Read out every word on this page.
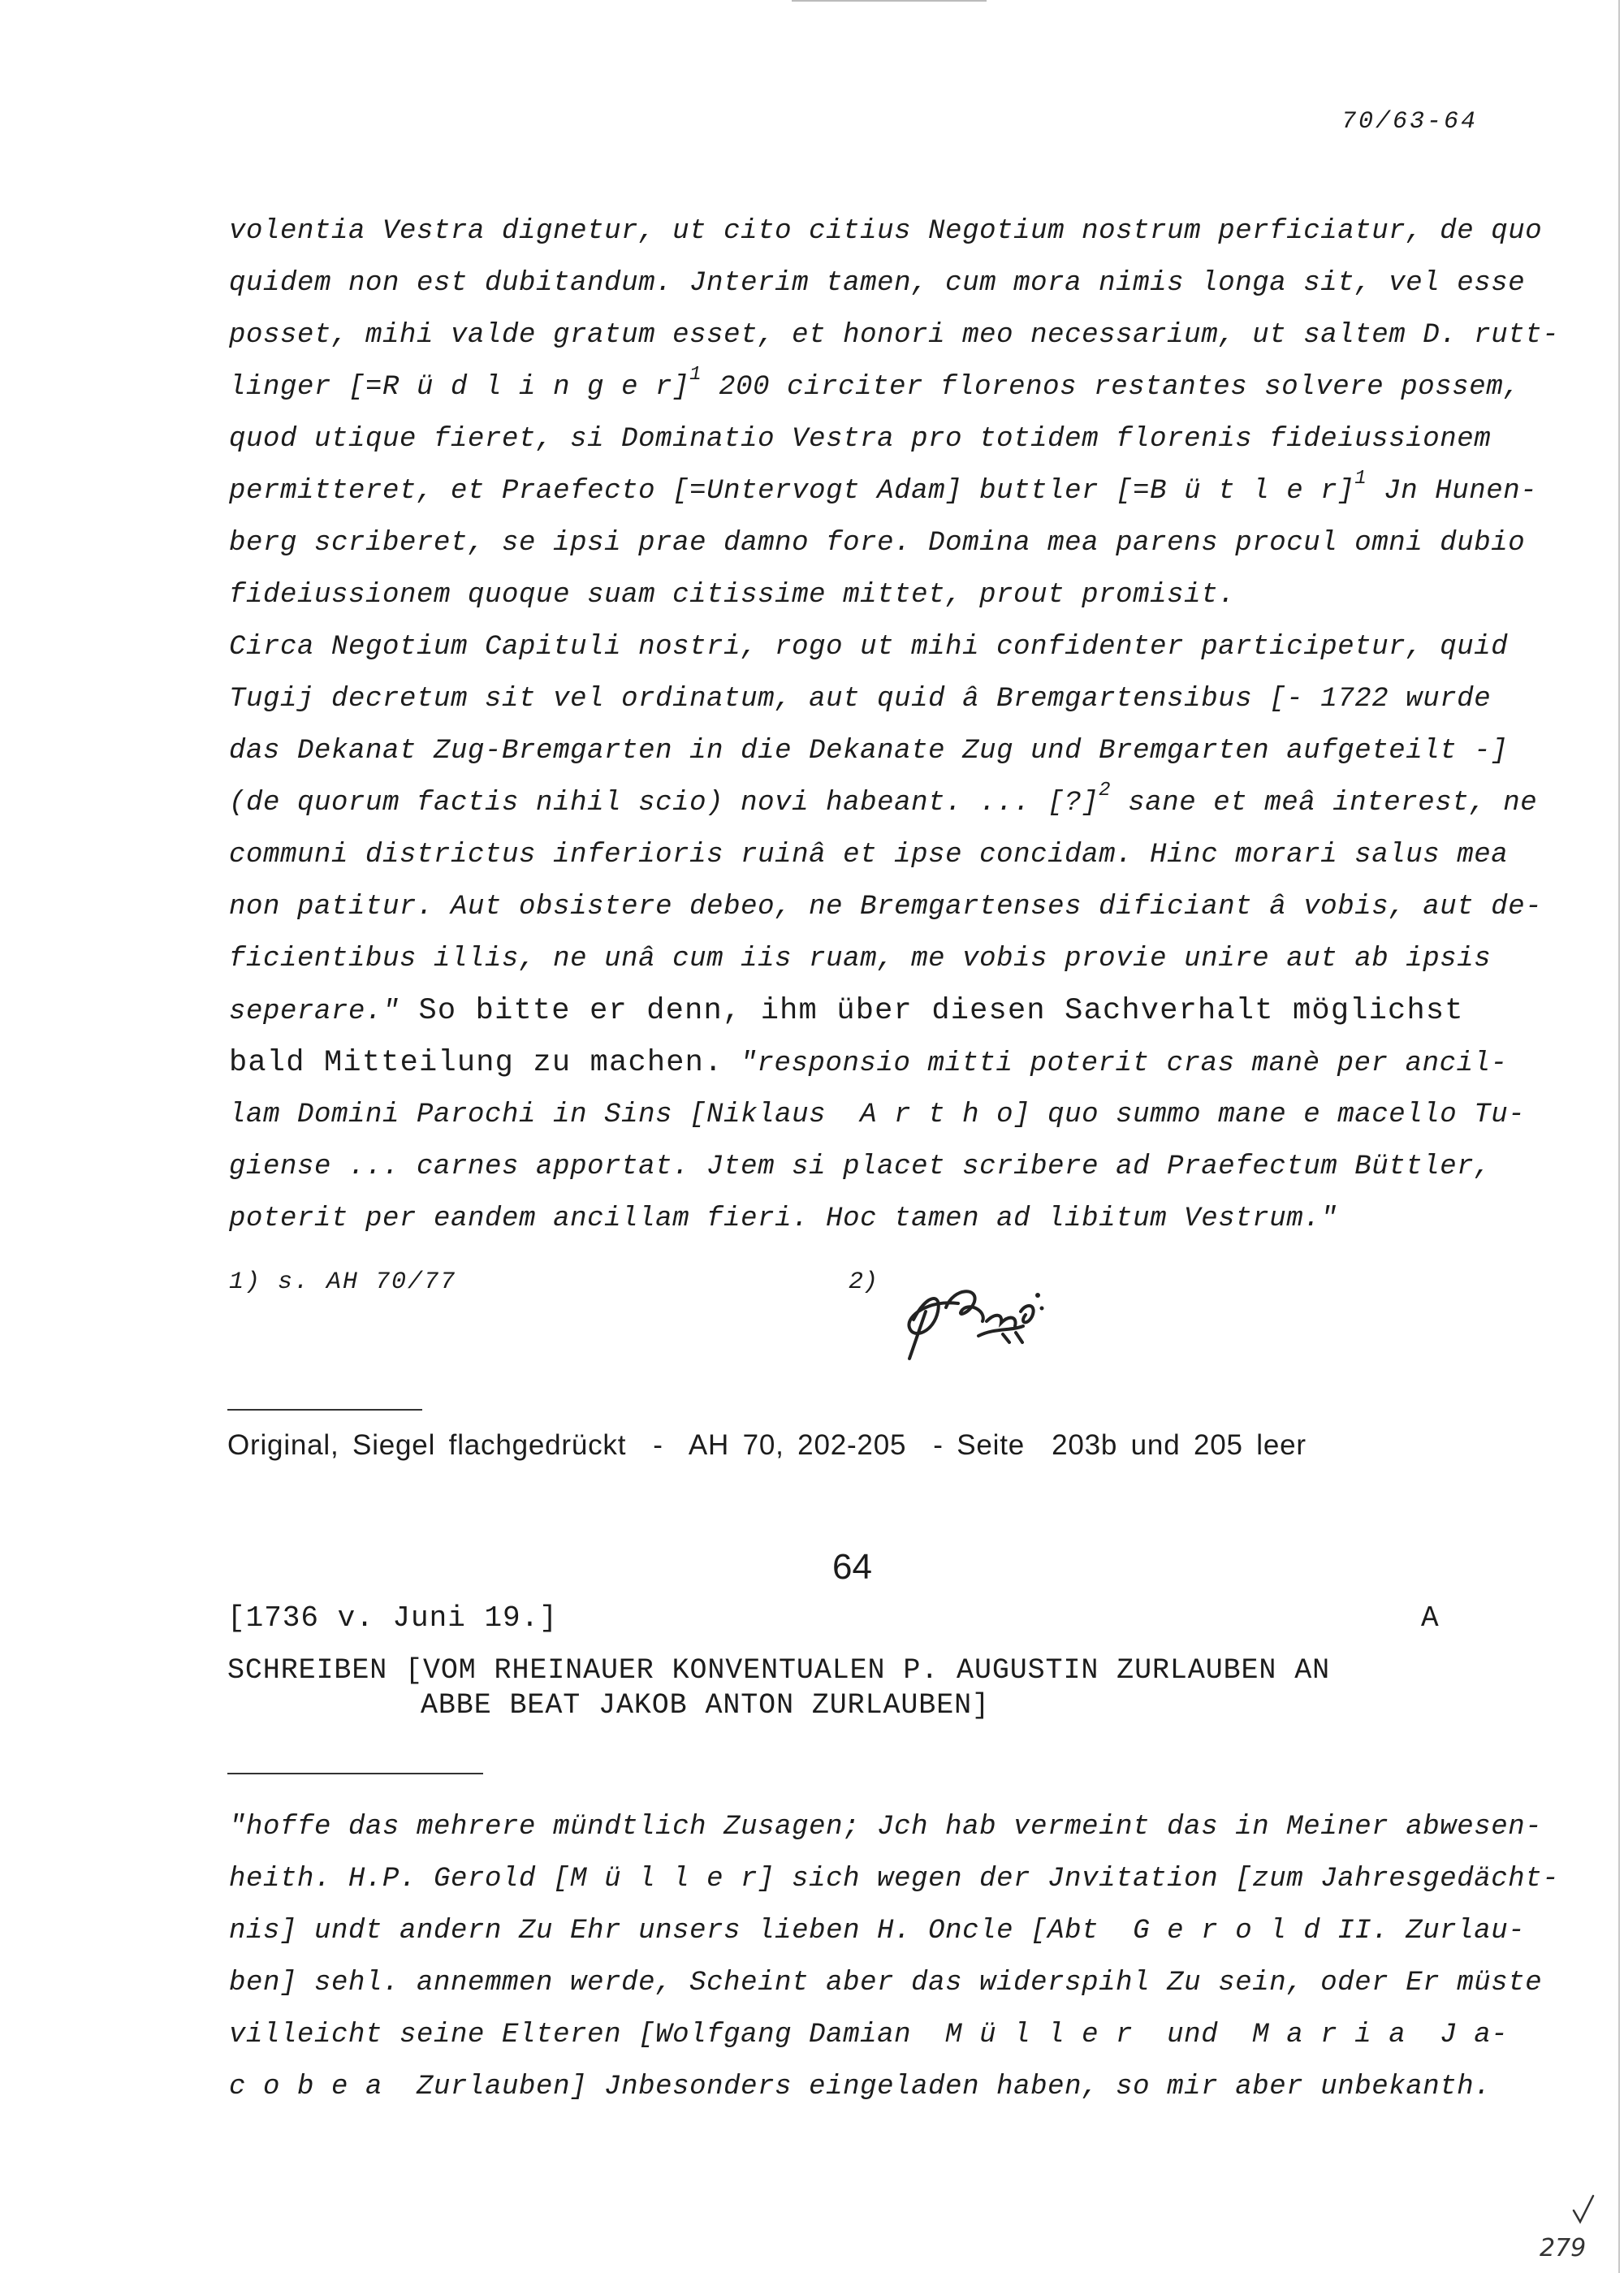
70/63-64
volentia Vestra dignetur, ut cito citius Negotium nostrum perficiatur, de quo
quidem non est dubitandum. Jnterim tamen, cum mora nimis longa sit, vel esse
posset, mihi valde gratum esset, et honori meo necessarium, ut saltem D. rutt-
linger [=R ü d l i n g e r]$^1$ 200 circiter florenos restantes solvere possem,
quod utique fieret, si Dominatio Vestra pro totidem florenis fideiussionem
permitteret, et Praefecto [=Untervogt Adam] buttler [=B ü t l e r]$^1$ Jn Hunen-
berg scriberet, se ipsi prae damno fore. Domina mea parens procul omni dubio
fideiussionem quoque suam citissime mittet, prout promisit.
Circa Negotium Capituli nostri, rogo ut mihi confidenter participetur, quid
Tugij decretum sit vel ordinatum, aut quid â Bremgartensibus [- 1722 wurde
das Dekanat Zug-Bremgarten in die Dekanate Zug und Bremgarten aufgeteilt -]
(de quorum factis nihil scio) novi habeant. ... [?]$^2$ sane et meâ interest, ne
communi districtus inferioris ruinâ et ipse concidam. Hinc morari salus mea
non patitur. Aut obsistere debeo, ne Bremgartenses dificiant â vobis, aut de-
ficientibus illis, ne unâ cum iis ruam, me vobis provie unire aut ab ipsis
seperare." So bitte er denn, ihm über diesen Sachverhalt möglichst
bald Mitteilung zu machen. "responsio mitti poterit cras manè per ancil-
lam Domini Parochi in Sins [Niklaus  A r t h o] quo summo mane e macello Tu-
giense ... carnes apportat. Jtem si placet scribere ad Praefectum Büttler,
poterit per eandem ancillam fieri. Hoc tamen ad libitum Vestrum."
1) s. AH 70/77	2)
Original, Siegel flachgedrückt  -  AH 70, 202-205  - Seite  203b und 205 leer
64
[1736 v. Juni 19.]	A
SCHREIBEN [VOM RHEINAUER KONVENTUALEN P. AUGUSTIN ZURLAUBEN AN
ABBE BEAT JAKOB ANTON ZURLAUBEN]
"hoffe das mehrere mündtlich Zusagen; Jch hab vermeint das in Meiner abwesen-
heith. H.P. Gerold [M ü l l e r] sich wegen der Jnvitation [zum Jahresgedächt-
nis] undt andern Zu Ehr unsers lieben H. Oncle [Abt  G e r o l d II. Zurlau-
ben] sehl. annemmen werde, Scheint aber das widerspihl Zu sein, oder Er müste
villeicht seine Elteren [Wolfgang Damian  M ü l l e r  und  M a r i a  J a-
c o b e a  Zurlauben] Jnbesonders eingeladen haben, so mir aber unbekanth.
279
